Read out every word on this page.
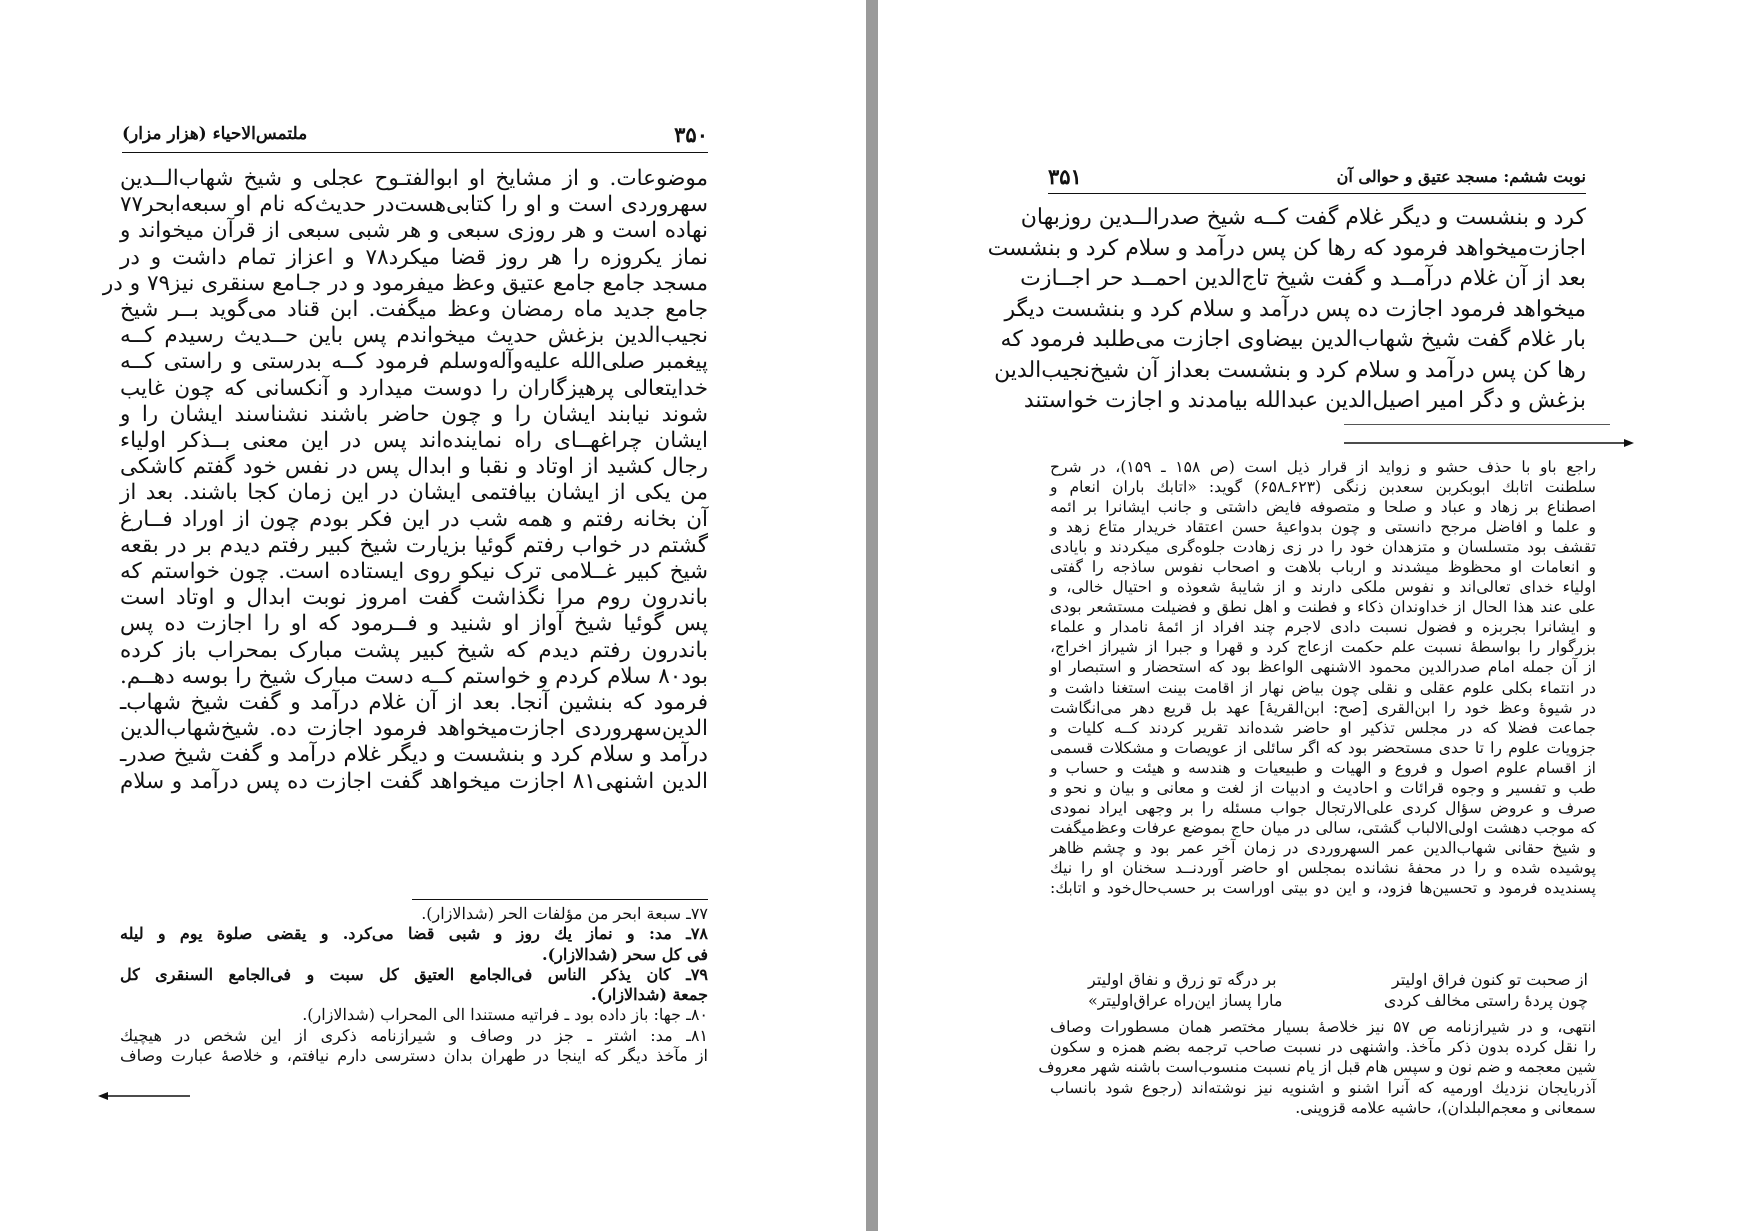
۳۵۰
ملتمس‌الاحیاء (هزار مزار)
موضوعات. و از مشایخ او ابوالفتـوح عجلی و شیخ شهاب‌الــدین
سهروردی است و او را کتابی‌هست‌در حدیث‌که نام او سبعه‌ابحر۷۷
نهاده است و هر روزی سبعی و هر شبی سبعی از قرآن میخواند و
نماز یکروزه را هر روز قضا میکرد۷۸ و اعزاز تمام داشت و در
مسجد جامع جامع عتیق وعظ میفرمود و در جـامع سنقری نیز۷۹ و در
جامع جدید ماه رمضان وعظ میگفت. ابن قناد می‌گوید بــر شیخ
نجیب‌الدین بزغش حدیث میخواندم پس باین حــدیث رسیدم کــه
پیغمبر صلی‌الله علیه‌وآله‌وسلم فرمود کــه بدرستی و راستی کــه
خدایتعالی پرهیزگاران را دوست میدارد و آنکسانی که چون غایب
شوند نیابند ایشان را و چون حاضر باشند نشناسند ایشان را و
ایشان چراغهــای راه نماینده‌اند پس در این معنی بــذکر اولیاء
رجال کشید از اوتاد و نقبا و ابدال پس در نفس خود گفتم کاشکی
من یکی از ایشان بیافتمی ایشان در این زمان کجا باشند. بعد از
آن بخانه رفتم و همه شب در این فکر بودم چون از اوراد فــارغ
گشتم در خواب رفتم گوئیا بزیارت شیخ کبیر رفتم دیدم بر در بقعه
شیخ کبیر غــلامی ترک نیکو روی ایستاده است. چون خواستم که
باندرون روم مرا نگذاشت گفت امروز نوبت ابدال و اوتاد است
پس گوئیا شیخ آواز او شنید و فــرمود که او را اجازت ده پس
باندرون رفتم دیدم که شیخ کبیر پشت مبارک بمحراب باز کرده
بود۸۰ سلام کردم و خواستم کــه دست مبارک شیخ را بوسه دهــم.
فرمود که بنشین آنجا. بعد از آن غلام درآمد و گفت شیخ شهاب‌ـ
الدین‌سهروردی اجازت‌میخواهد فرمود اجازت ده. شیخ‌شهاب‌الدین
درآمد و سلام کرد و بنشست و دیگر غلام درآمد و گفت شیخ صدرـ
الدین اشنهی۸۱ اجازت میخواهد گفت اجازت ده پس درآمد و سلام
۷۷ـ سبعة ابحر من مؤلفات الحر (شدالازار).
۷۸ـ مد: و نماز یك روز و شبی قضا می‌کرد. و یقضی صلوة یوم و لیله
فی کل سحر (شدالازار).
۷۹ـ کان یذکر الناس فی‌الجامع العتیق کل سبت و فی‌الجامع السنقری کل
جمعة (شدالازار).
۸۰ـ جها: باز داده بود ـ فراتیه مستندا الی المحراب (شدالازار).
۸۱ـ مد: اشتر ـ جز در وصاف و شیرازنامه ذکری از این شخص در هیچیك
از مآخذ دیگر که اینجا در طهران بدان دسترسی دارم نیافتم، و خلاصهٔ عبارت وصاف
۳۵۱	نوبت ششم: مسجد عتیق و حوالی آن
کرد و بنشست و دیگر غلام گفت کــه شیخ صدرالــدین روزبهان
اجازت‌میخواهد فرمود که رها کن پس درآمد و سلام کرد و بنشست
بعد از آن غلام درآمــد و گفت شیخ تاج‌الدین احمــد حر اجــازت
میخواهد فرمود اجازت ده پس درآمد و سلام کرد و بنشست دیگر
بار غلام گفت شیخ شهاب‌الدین بیضاوی اجازت می‌طلبد فرمود که
رها کن پس درآمد و سلام کرد و بنشست بعداز آن شیخ‌نجیب‌الدین
بزغش و دگر امیر اصیل‌الدین عبدالله بیامدند و اجازت خواستند
راجع باو با حذف حشو و زواید از قرار ذیل است (ص ۱۵۸ ـ ۱۵۹)، در شرح
سلطنت اتابك ابوبکربن سعدبن زنگی (۶۲۳ـ۶۵۸) گوید: «اتابك باران انعام و
اصطناع بر زهاد و عباد و صلحا و متصوفه فایض داشتی و جانب ایشانرا بر ائمه
و علما و افاضل مرجح دانستی و چون بدواعیهٔ حسن اعتقاد خریدار متاع زهد و
تقشف بود متسلسان و متزهدان خود را در زی زهادت جلوه‌گری میکردند و بایادی
و انعامات او محظوظ میشدند و ارباب بلاهت و اصحاب نفوس ساذجه را گفتی
اولیاء خدای تعالی‌اند و نفوس ملکی دارند و از شایبهٔ شعوذه و احتیال خالی، و
علی عند هذا الحال از خداوندان ذکاء و فطنت و اهل نطق و فضیلت مستشعر بودی
و ایشانرا بجربزه و فضول نسبت دادی لاجرم چند افراد از ائمهٔ نامدار و علماء
بزرگوار را بواسطهٔ نسبت علم حکمت ازعاج کرد و قهرا و جبرا از شیراز اخراج،
از آن جمله امام صدرالدین محمود الاشنهی الواعظ بود که استحضار و استبصار او
در انتماء بکلی علوم عقلی و نقلی چون بیاض نهار از اقامت بینت استغنا داشت و
در شیوهٔ وعظ خود را ابن‌القری [صح: ابن‌القریهٔ] عهد بل قریع دهر می‌انگاشت
جماعت فضلا که در مجلس تذکیر او حاضر شده‌اند تقریر کردند کــه کلیات و
جزویات علوم را تا حدی مستحضر بود که اگر سائلی از عویصات و مشکلات قسمی
از اقسام علوم اصول و فروع و الهیات و طبیعیات و هندسه و هیئت و حساب و
طب و تفسیر و وجوه قرائات و احادیث و ادبیات از لغت و معانی و بیان و نحو و
صرف و عروض سؤال کردی علی‌الارتجال جواب مسئله را بر وجهی ایراد نمودی
که موجب دهشت اولی‌الالباب گشتی، سالی در میان حاج بموضع عرفات وعظ‌میگفت
و شیخ حقانی شهاب‌الدین عمر السهروردی در زمان آخر عمر بود و چشم ظاهر
پوشیده شده و را در محفهٔ نشانده بمجلس او حاضر آوردنــد سخنان او را نیك
پسندیده فرمود و تحسین‌ها فزود، و این دو بیتی اوراست بر حسب‌حال‌خود و اتابك:
از صحبت تو کنون فراق اولیتر
بر درگه تو زرق و نفاق اولیتر
چون پردهٔ راستی مخالف کردی
مارا پساز این‌راه عراق‌اولیتر»
انتهی، و در شیرازنامه ص ۵۷ نیز خلاصهٔ بسیار مختصر همان مسطورات وصاف
را نقل کرده بدون ذکر مآخذ. واشنهی در نسبت صاحب ترجمه بضم همزه و سکون
شین معجمه و ضم نون و سپس هام قبل از یام نسبت منسوب‌است باشنه شهر معروف
آذربایجان نزدیك اورمیه که آنرا اشنو و اشنویه نیز نوشته‌اند (رجوع شود بانساب
سمعانی و معجم‌البلدان)، حاشیه علامه قزوینی.
